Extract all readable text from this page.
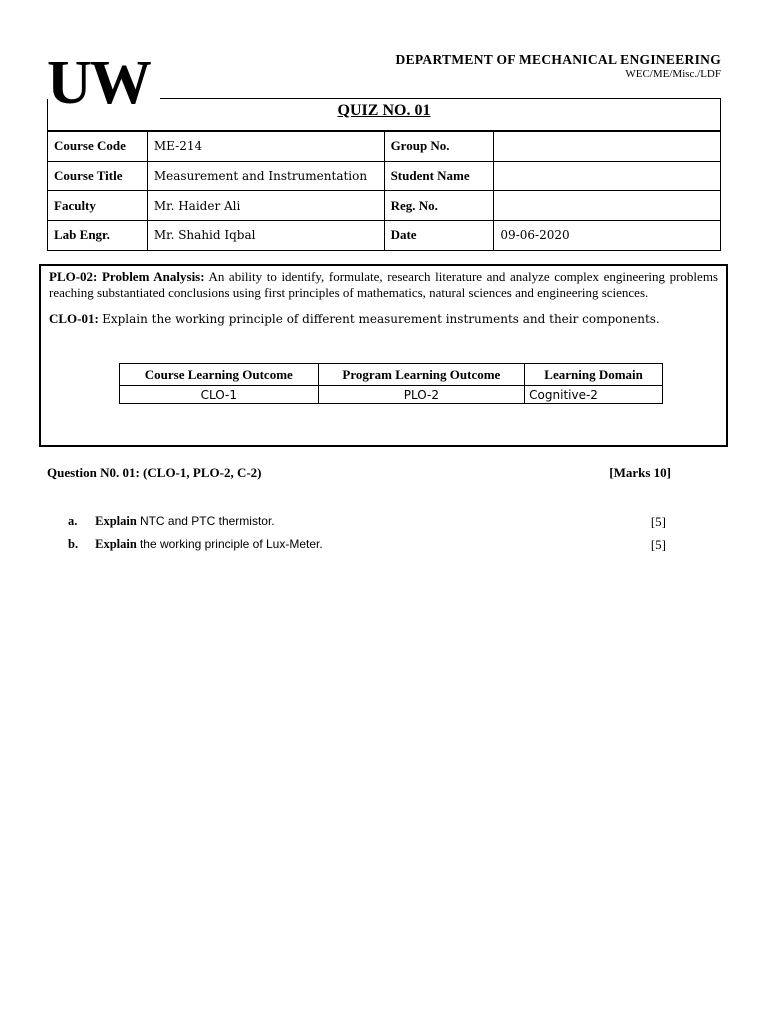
UW	DEPARTMENT OF MECHANICAL ENGINEERING
WEC/ME/Misc./LDF
QUIZ NO. 01
Course Code	ME-214	Group No.	
Course Title	Measurement and Instrumentation	Student Name	
Faculty	Mr. Haider Ali	Reg. No.	
Lab Engr.	Mr. Shahid Iqbal	Date	09-06-2020

PLO-02: Problem Analysis: An ability to identify, formulate, research literature and analyze complex engineering problems reaching substantiated conclusions using first principles of mathematics, natural sciences and engineering sciences.

CLO-01: Explain the working principle of different measurement instruments and their components.

Course Learning Outcome	Program Learning Outcome	Learning Domain
CLO-1	PLO-2	Cognitive-2
Question N0. 01: (CLO-1, PLO-2, C-2)	[Marks 10]
a. Explain NTC and PTC thermistor.	[5]
b. Explain the working principle of Lux-Meter.	[5]
